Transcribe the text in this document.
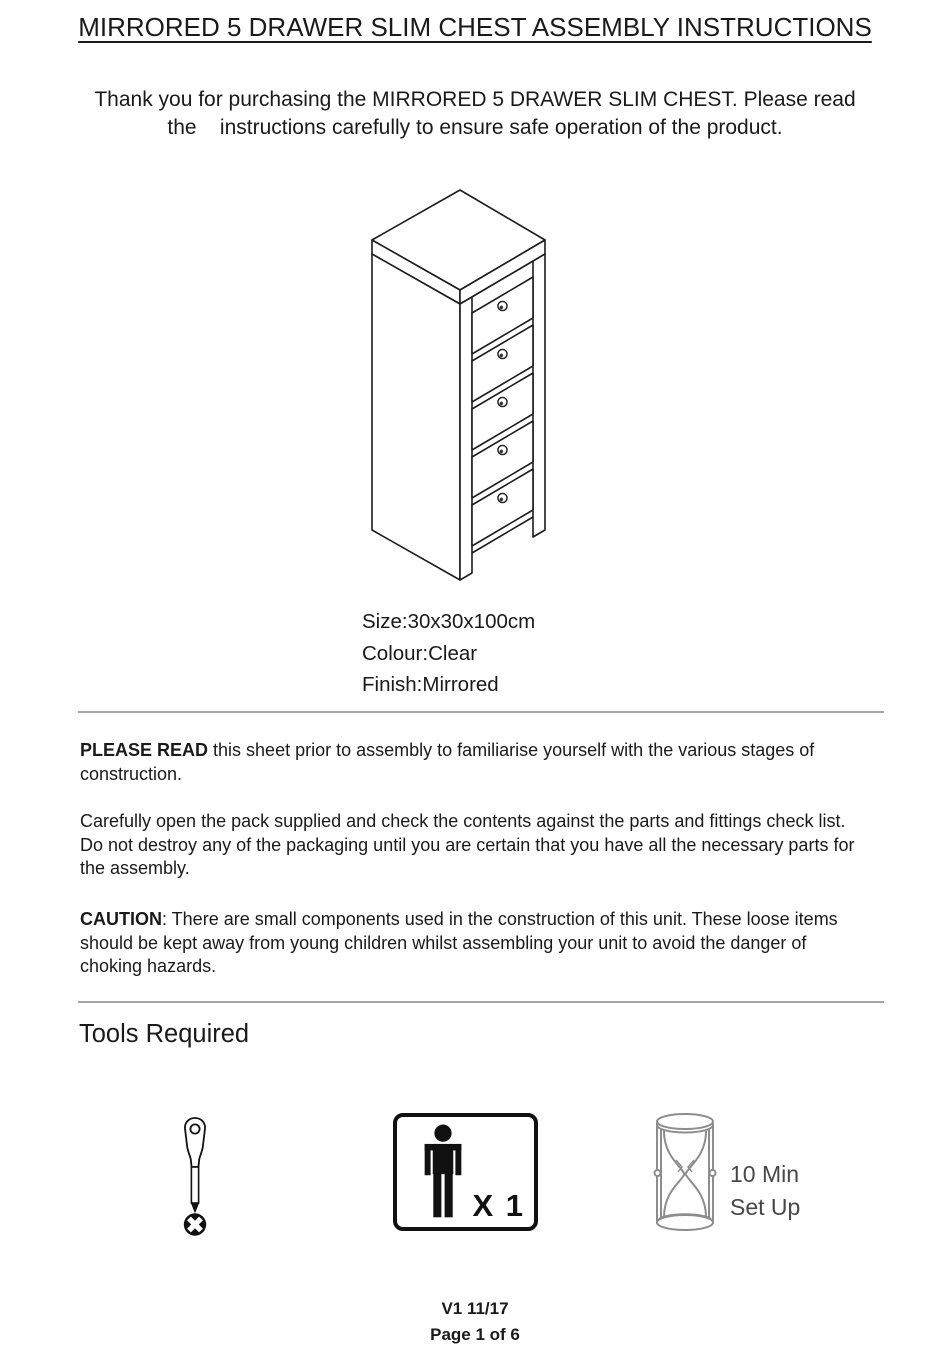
MIRRORED 5 DRAWER SLIM CHEST ASSEMBLY INSTRUCTIONS
Thank you for purchasing the MIRRORED 5 DRAWER SLIM CHEST. Please read
the    instructions carefully to ensure safe operation of the product.
Size:30x30x100cm
Colour:Clear
Finish:Mirrored
PLEASE READ this sheet prior to assembly to familiarise yourself with the various stages of construction.
Carefully open the pack supplied and check the contents against the parts and fittings check list. Do not destroy any of the packaging until you are certain that you have all the necessary parts for the assembly.
CAUTION: There are small components used in the construction of this unit. These loose items should be kept away from young children whilst assembling your unit to avoid the danger of choking hazards.
Tools Required
X 1
10 Min
Set Up
V1 11/17
Page 1 of 6
